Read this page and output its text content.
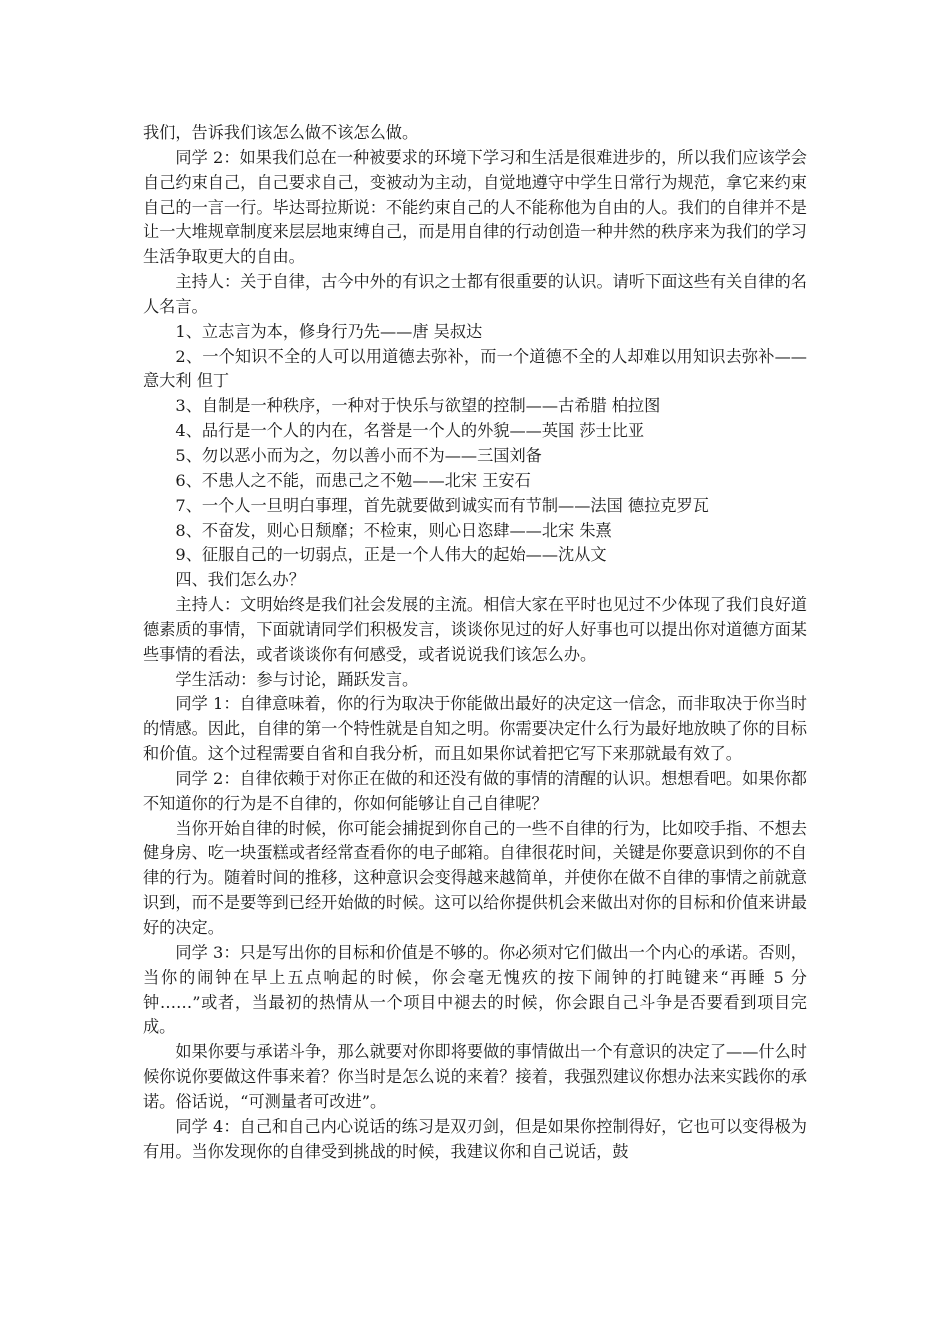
我们，告诉我们该怎么做不该怎么做。

同学 2：如果我们总在一种被要求的环境下学习和生活是很难进步的，所以我们应该学会自己约束自己，自己要求自己，变被动为主动，自觉地遵守中学生日常行为规范，拿它来约束自己的一言一行。毕达哥拉斯说：不能约束自己的人不能称他为自由的人。我们的自律并不是让一大堆规章制度来层层地束缚自己，而是用自律的行动创造一种井然的秩序来为我们的学习生活争取更大的自由。

主持人：关于自律，古今中外的有识之士都有很重要的认识。请听下面这些有关自律的名人名言。

1、立志言为本，修身行乃先——唐 吴叔达

2、一个知识不全的人可以用道德去弥补，而一个道德不全的人却难以用知识去弥补——意大利 但丁

3、自制是一种秩序，一种对于快乐与欲望的控制——古希腊 柏拉图

4、品行是一个人的内在，名誉是一个人的外貌——英国 莎士比亚

5、勿以恶小而为之，勿以善小而不为——三国刘备

6、不患人之不能，而患己之不勉——北宋 王安石

7、一个人一旦明白事理，首先就要做到诚实而有节制——法国 德拉克罗瓦

8、不奋发，则心日颓靡；不检束，则心日恣肆——北宋 朱熹

9、征服自己的一切弱点，正是一个人伟大的起始——沈从文

四、我们怎么办？

主持人：文明始终是我们社会发展的主流。相信大家在平时也见过不少体现了我们良好道德素质的事情，下面就请同学们积极发言，谈谈你见过的好人好事也可以提出你对道德方面某些事情的看法，或者谈谈你有何感受，或者说说我们该怎么办。

学生活动：参与讨论，踊跃发言。

同学 1：自律意味着，你的行为取决于你能做出最好的决定这一信念，而非取决于你当时的情感。因此，自律的第一个特性就是自知之明。你需要决定什么行为最好地放映了你的目标和价值。这个过程需要自省和自我分析，而且如果你试着把它写下来那就最有效了。

同学 2：自律依赖于对你正在做的和还没有做的事情的清醒的认识。想想看吧。如果你都不知道你的行为是不自律的，你如何能够让自己自律呢？

当你开始自律的时候，你可能会捕捉到你自己的一些不自律的行为，比如咬手指、不想去健身房、吃一块蛋糕或者经常查看你的电子邮箱。自律很花时间，关键是你要意识到你的不自律的行为。随着时间的推移，这种意识会变得越来越简单，并使你在做不自律的事情之前就意识到，而不是要等到已经开始做的时候。这可以给你提供机会来做出对你的目标和价值来讲最好的决定。

同学 3：只是写出你的目标和价值是不够的。你必须对它们做出一个内心的承诺。否则，当你的闹钟在早上五点响起的时候，你会毫无愧疚的按下闹钟的打盹键来“再睡 5 分钟……”或者，当最初的热情从一个项目中褪去的时候，你会跟自己斗争是否要看到项目完成。

如果你要与承诺斗争，那么就要对你即将要做的事情做出一个有意识的决定了——什么时候你说你要做这件事来着？你当时是怎么说的来着？接着，我强烈建议你想办法来实践你的承诺。俗话说，“可测量者可改进”。

同学 4：自己和自己内心说话的练习是双刃剑，但是如果你控制得好，它也可以变得极为有用。当你发现你的自律受到挑战的时候，我建议你和自己说话，鼓
